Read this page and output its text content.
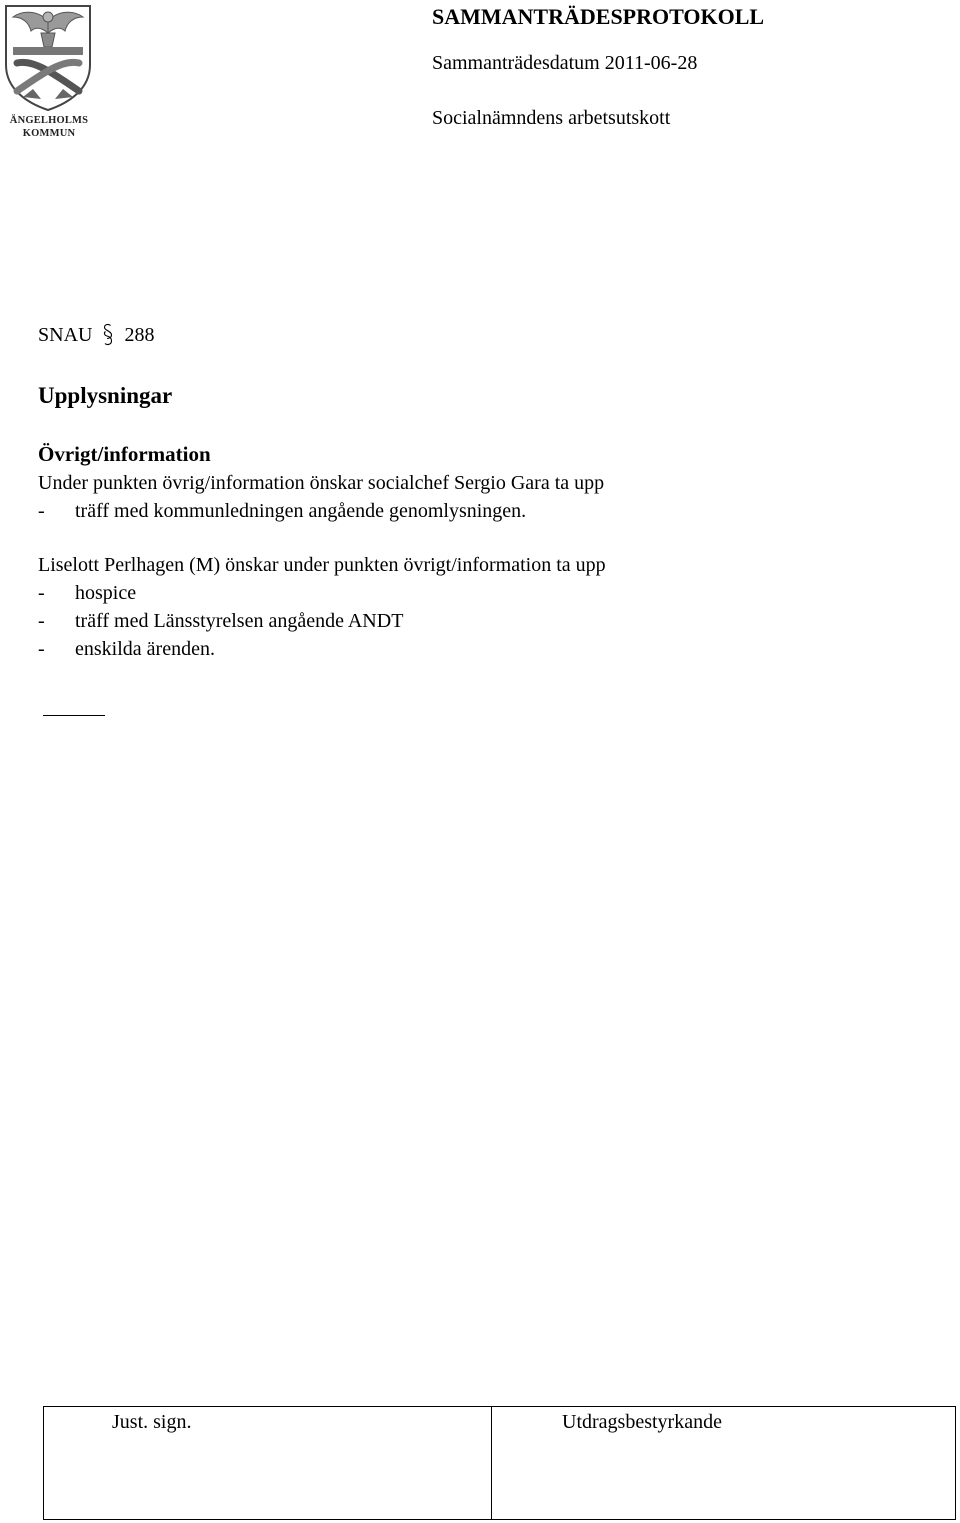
ÄNGELHOLMS
KOMMUN
SAMMANTRÄDESPROTOKOLL
Sammanträdesdatum 2011-06-28
Socialnämndens arbetsutskott
SNAU 288
Upplysningar
Övrigt/information
Under punkten övrig/information önskar socialchef Sergio Gara ta upp
- träff med kommunledningen angående genomlysningen.
Liselott Perlhagen (M) önskar under punkten övrigt/information ta upp
- hospice
- träff med Länsstyrelsen angående ANDT
- enskilda ärenden.
Just. sign.	Utdragsbestyrkande
